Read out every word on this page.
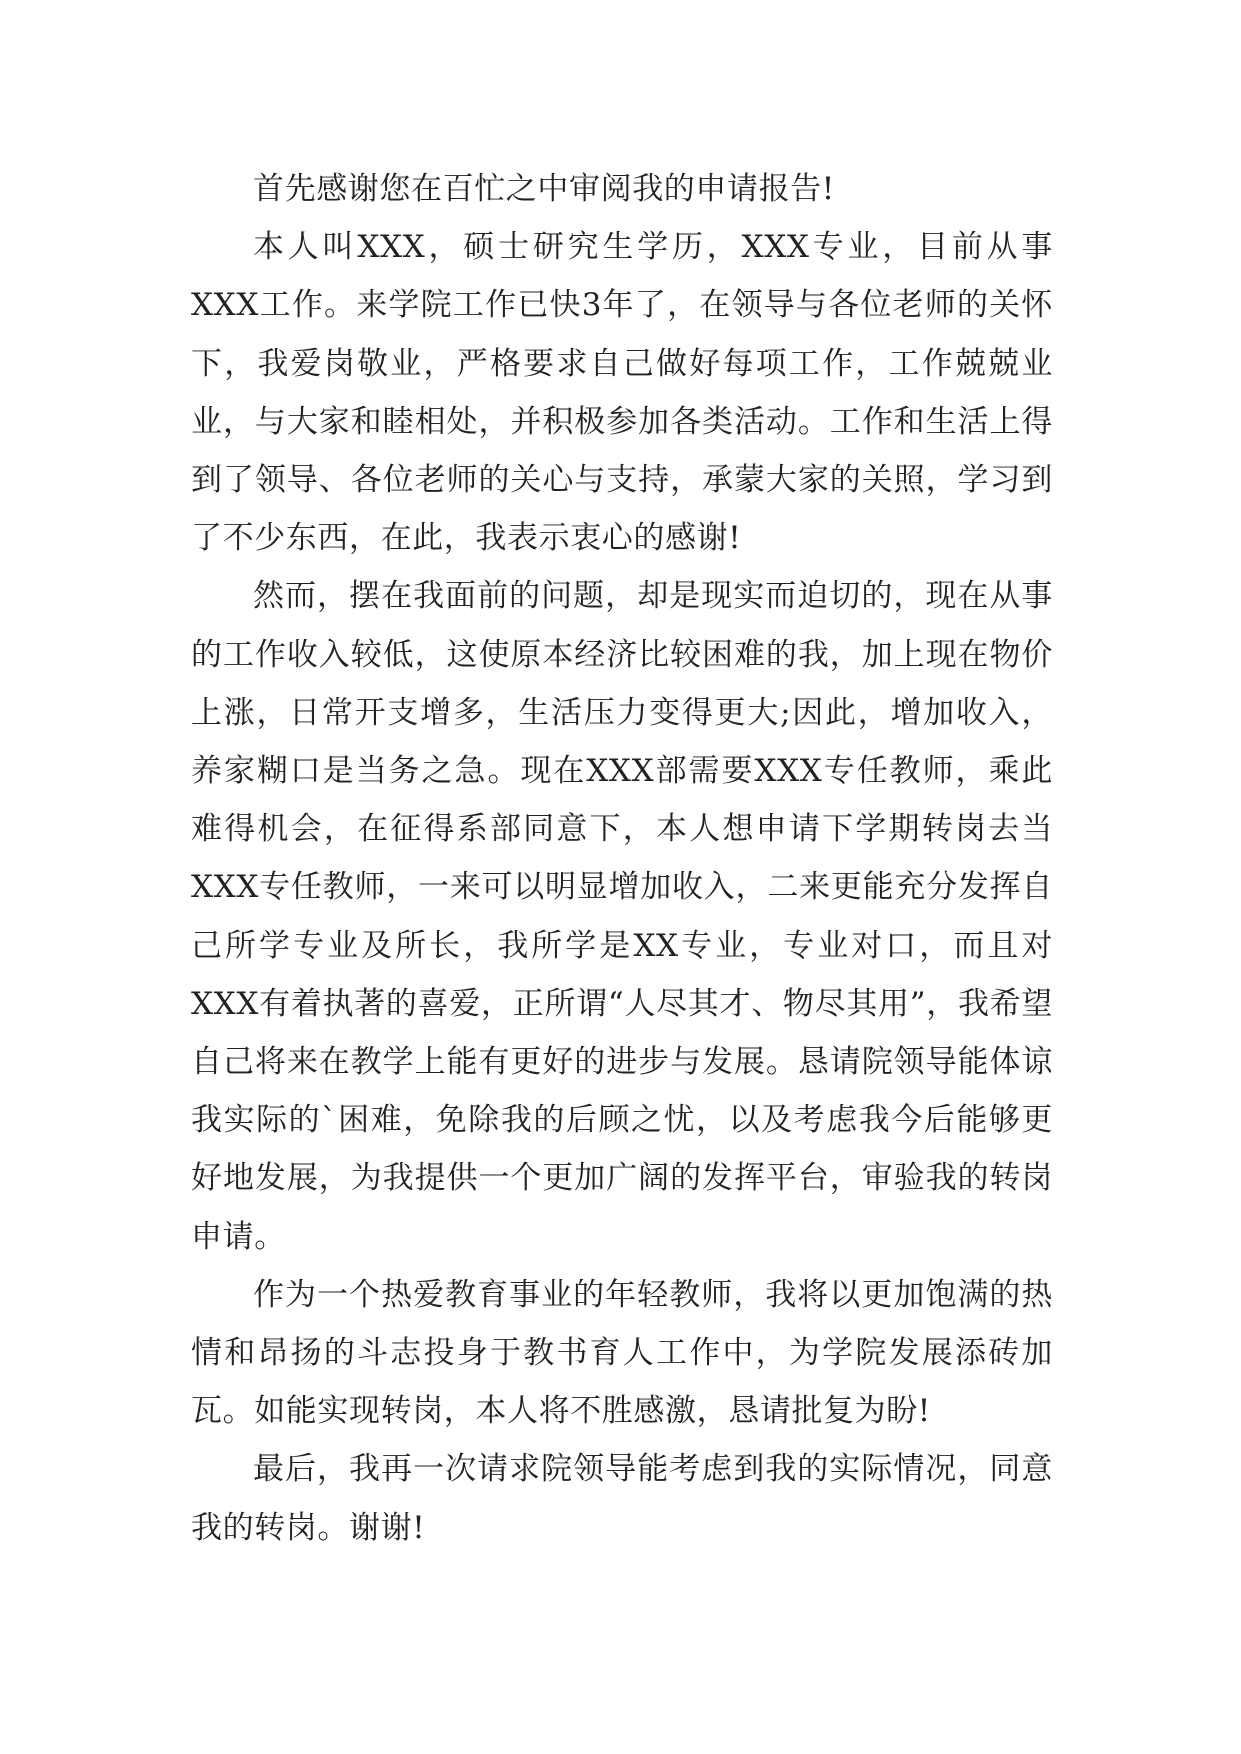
首先感谢您在百忙之中审阅我的申请报告!

本人叫XXX，硕士研究生学历，XXX专业，目前从事XXX工作。来学院工作已快3年了，在领导与各位老师的关怀下，我爱岗敬业，严格要求自己做好每项工作，工作兢兢业业，与大家和睦相处，并积极参加各类活动。工作和生活上得到了领导、各位老师的关心与支持，承蒙大家的关照，学习到了不少东西，在此，我表示衷心的感谢!

然而，摆在我面前的问题，却是现实而迫切的，现在从事的工作收入较低，这使原本经济比较困难的我，加上现在物价上涨，日常开支增多，生活压力变得更大;因此，增加收入，养家糊口是当务之急。现在XXX部需要XXX专任教师，乘此难得机会，在征得系部同意下，本人想申请下学期转岗去当XXX专任教师，一来可以明显增加收入，二来更能充分发挥自己所学专业及所长，我所学是XX专业，专业对口，而且对XXX有着执著的喜爱，正所谓“人尽其才、物尽其用”，我希望自己将来在教学上能有更好的进步与发展。恳请院领导能体谅我实际的`困难，免除我的后顾之忧，以及考虑我今后能够更好地发展，为我提供一个更加广阔的发挥平台，审验我的转岗申请。

作为一个热爱教育事业的年轻教师，我将以更加饱满的热情和昂扬的斗志投身于教书育人工作中，为学院发展添砖加瓦。如能实现转岗，本人将不胜感激，恳请批复为盼!

最后，我再一次请求院领导能考虑到我的实际情况，同意我的转岗。谢谢!
